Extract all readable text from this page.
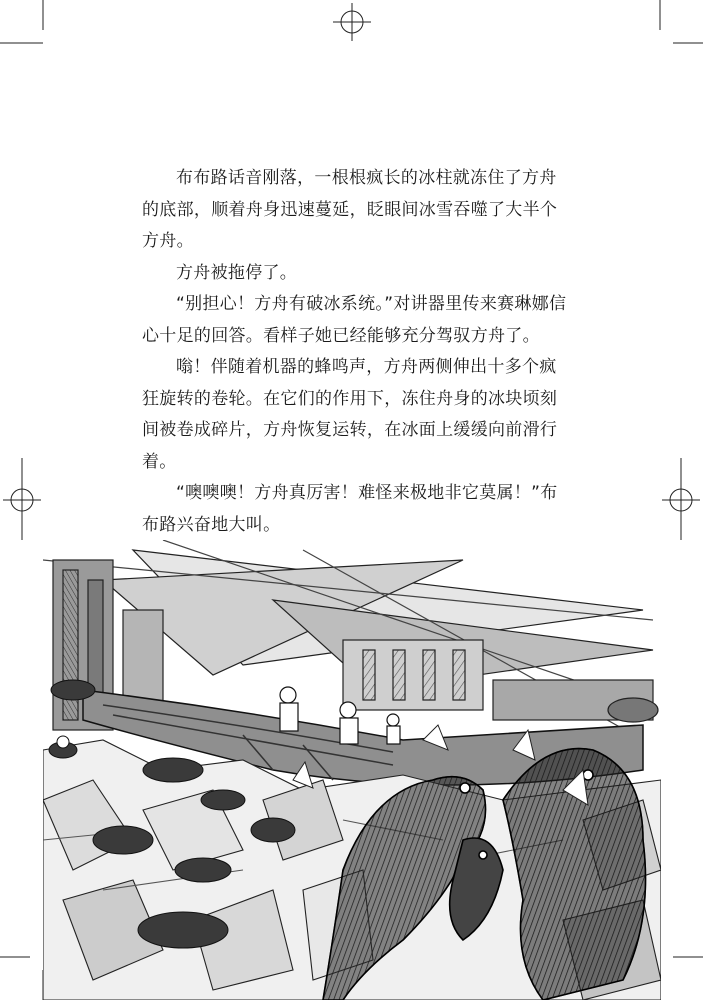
布布路话音刚落，一根根疯长的冰柱就冻住了方舟的底部，顺着舟身迅速蔓延，眨眼间冰雪吞噬了大半个方舟。

方舟被拖停了。

“别担心！方舟有破冰系统。”对讲器里传来赛琳娜信心十足的回答。看样子她已经能够充分驾驭方舟了。

嗡！伴随着机器的蜂鸣声，方舟两侧伸出十多个疯狂旋转的卷轮。在它们的作用下，冻住舟身的冰块顷刻间被卷成碎片，方舟恢复运转，在冰面上缓缓向前滑行着。

“噢噢噢！方舟真厉害！难怪来极地非它莫属！”布布路兴奋地大叫。
